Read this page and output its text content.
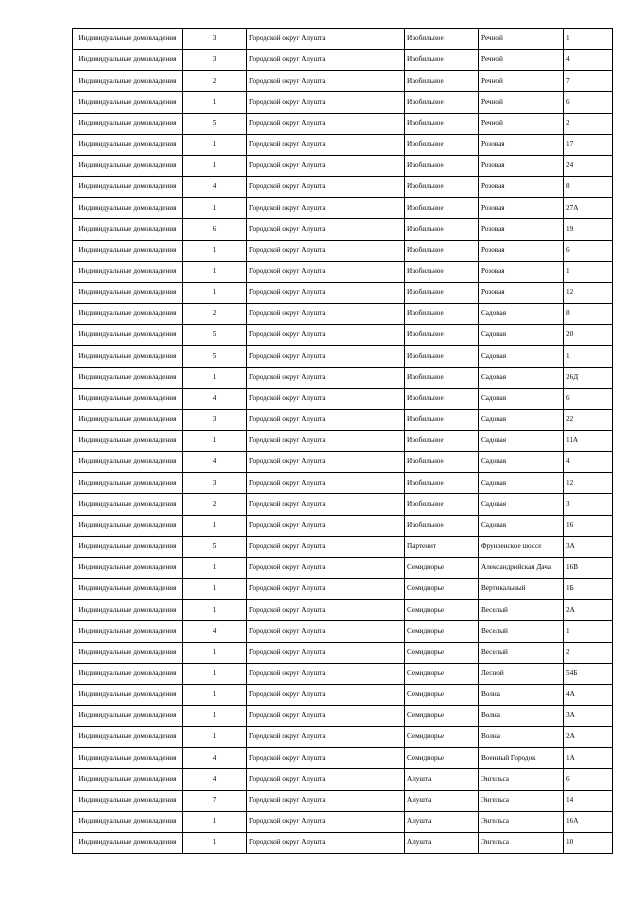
Индивидуальные домовладения	3	Городской округ Алушта	Изобильное	Речной	1
Индивидуальные домовладения	3	Городской округ Алушта	Изобильное	Речной	4
Индивидуальные домовладения	2	Городской округ Алушта	Изобильное	Речной	7
Индивидуальные домовладения	1	Городской округ Алушта	Изобильное	Речной	6
Индивидуальные домовладения	5	Городской округ Алушта	Изобильное	Речной	2
Индивидуальные домовладения	1	Городской округ Алушта	Изобильное	Розовая	17
Индивидуальные домовладения	1	Городской округ Алушта	Изобильное	Розовая	24
Индивидуальные домовладения	4	Городской округ Алушта	Изобильное	Розовая	8
Индивидуальные домовладения	1	Городской округ Алушта	Изобильное	Розовая	27А
Индивидуальные домовладения	6	Городской округ Алушта	Изобильное	Розовая	19
Индивидуальные домовладения	1	Городской округ Алушта	Изобильное	Розовая	6
Индивидуальные домовладения	1	Городской округ Алушта	Изобильное	Розовая	1
Индивидуальные домовладения	1	Городской округ Алушта	Изобильное	Розовая	12
Индивидуальные домовладения	2	Городской округ Алушта	Изобильное	Садовая	8
Индивидуальные домовладения	5	Городской округ Алушта	Изобильное	Садовая	20
Индивидуальные домовладения	5	Городской округ Алушта	Изобильное	Садовая	1
Индивидуальные домовладения	1	Городской округ Алушта	Изобильное	Садовая	26Д
Индивидуальные домовладения	4	Городской округ Алушта	Изобильное	Садовая	6
Индивидуальные домовладения	3	Городской округ Алушта	Изобильное	Садовая	22
Индивидуальные домовладения	1	Городской округ Алушта	Изобильное	Садовая	11А
Индивидуальные домовладения	4	Городской округ Алушта	Изобильное	Садовая	4
Индивидуальные домовладения	3	Городской округ Алушта	Изобильное	Садовая	12
Индивидуальные домовладения	2	Городской округ Алушта	Изобильное	Садовая	3
Индивидуальные домовладения	1	Городской округ Алушта	Изобильное	Садовая	16
Индивидуальные домовладения	5	Городской округ Алушта	Партенит	Фрунзенское шоссе	3А
Индивидуальные домовладения	1	Городской округ Алушта	Семидворье	Александрийская Дача	16В
Индивидуальные домовладения	1	Городской округ Алушта	Семидворье	Вертикальный	1Б
Индивидуальные домовладения	1	Городской округ Алушта	Семидворье	Веселый	2А
Индивидуальные домовладения	4	Городской округ Алушта	Семидворье	Веселый	1
Индивидуальные домовладения	1	Городской округ Алушта	Семидворье	Веселый	2
Индивидуальные домовладения	1	Городской округ Алушта	Семидворье	Лесной	54Б
Индивидуальные домовладения	1	Городской округ Алушта	Семидворье	Волна	4А
Индивидуальные домовладения	1	Городской округ Алушта	Семидворье	Волна	3А
Индивидуальные домовладения	1	Городской округ Алушта	Семидворье	Волна	2А
Индивидуальные домовладения	4	Городской округ Алушта	Семидворье	Военный Городок	1А
Индивидуальные домовладения	4	Городской округ Алушта	Алушта	Энгельса	6
Индивидуальные домовладения	7	Городской округ Алушта	Алушта	Энгельса	14
Индивидуальные домовладения	1	Городской округ Алушта	Алушта	Энгельса	16А
Индивидуальные домовладения	1	Городской округ Алушта	Алушта	Энгельса	10
